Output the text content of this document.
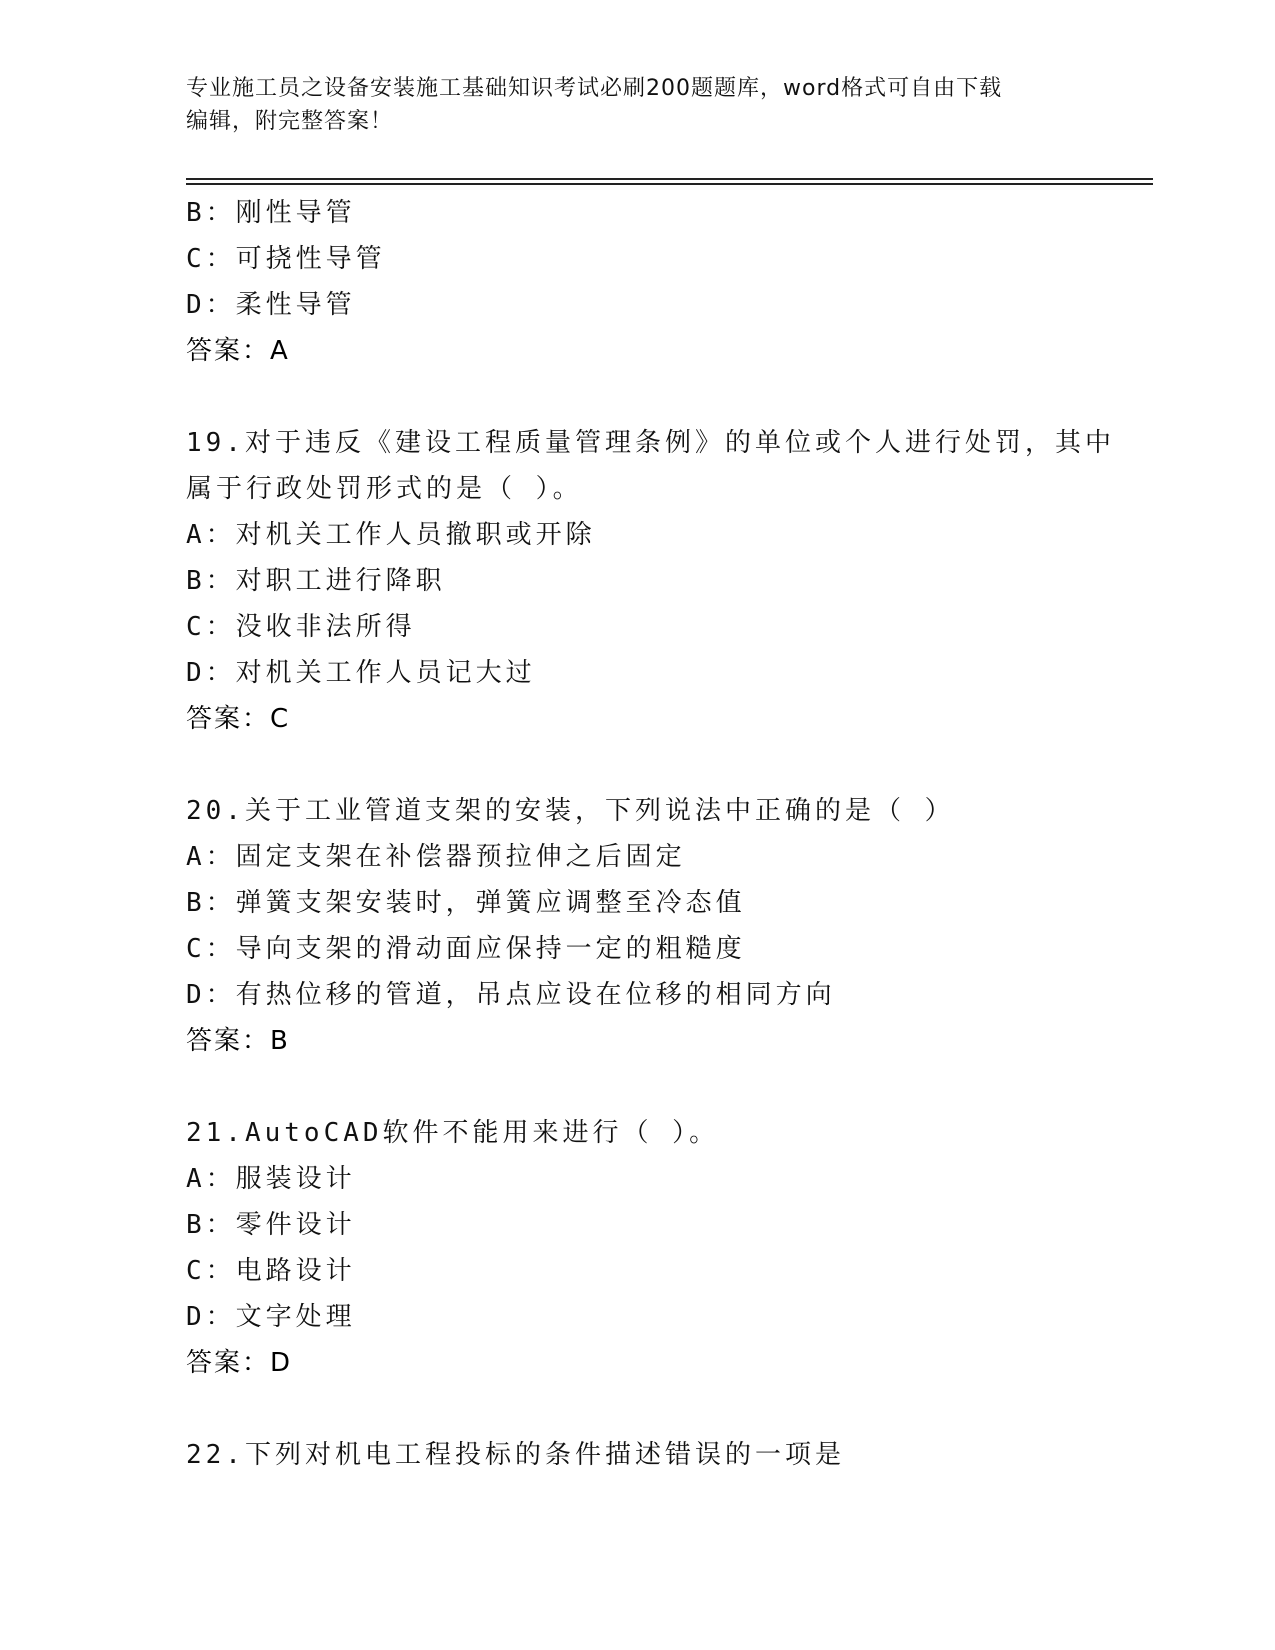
专业施工员之设备安装施工基础知识考试必刷200题题库，word格式可自由下载
编辑，附完整答案！
B：刚性导管
C：可挠性导管
D：柔性导管
答案：A
19.对于违反《建设工程质量管理条例》的单位或个人进行处罚，其中
属于行政处罚形式的是（ ）。
A：对机关工作人员撤职或开除
B：对职工进行降职
C：没收非法所得
D：对机关工作人员记大过
答案：C
20.关于工业管道支架的安装，下列说法中正确的是（ ）
A：固定支架在补偿器预拉伸之后固定
B：弹簧支架安装时，弹簧应调整至冷态值
C：导向支架的滑动面应保持一定的粗糙度
D：有热位移的管道，吊点应设在位移的相同方向
答案：B
21.AutoCAD软件不能用来进行（ ）。
A：服装设计
B：零件设计
C：电路设计
D：文字处理
答案：D
22.下列对机电工程投标的条件描述错误的一项是
